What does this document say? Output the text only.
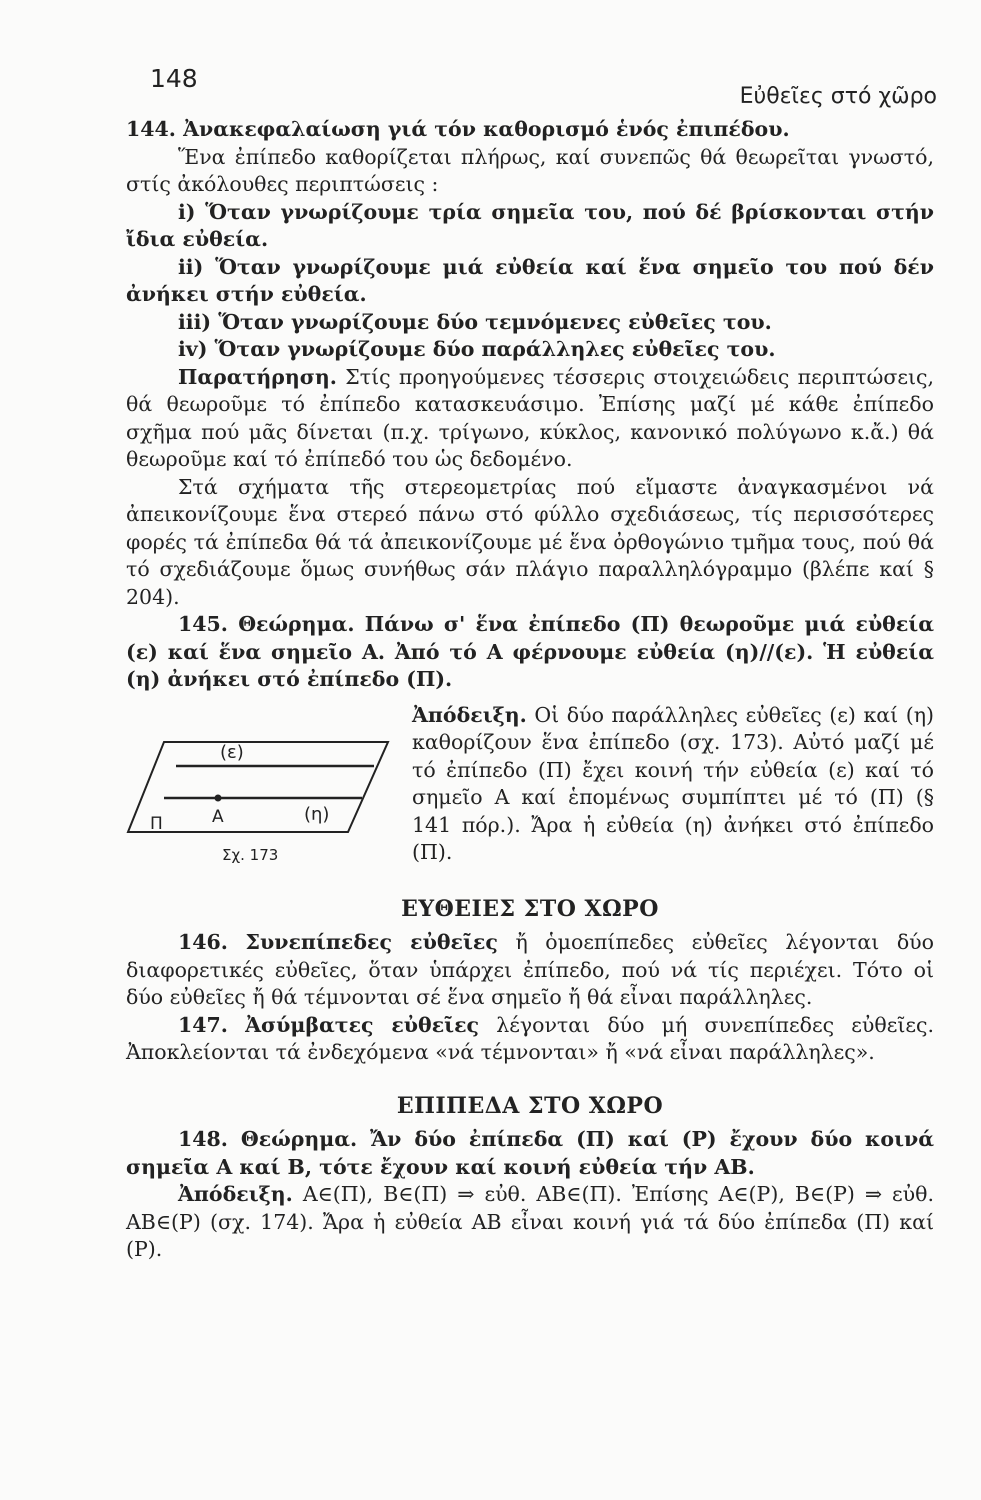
148
Εὐθεῖες στό χῶρο

144. Ἀνακεφαλαίωση γιά τόν καθορισμό ἑνός ἐπιπέδου.

Ἕνα ἐπίπεδο καθορίζεται πλήρως, καί συνεπῶς θά θεωρεῖται γνωστό, στίς ἀκόλουθες περιπτώσεις :

i) Ὅταν γνωρίζουμε τρία σημεῖα του, πού δέ βρίσκονται στήν ἴδια εὐθεία.

ii) Ὅταν γνωρίζουμε μιά εὐθεία καί ἕνα σημεῖο του πού δέν ἀνήκει στήν εὐθεία.

iii) Ὅταν γνωρίζουμε δύο τεμνόμενες εὐθεῖες του.

iv) Ὅταν γνωρίζουμε δύο παράλληλες εὐθεῖες του.

Παρατήρηση. Στίς προηγούμενες τέσσερις στοιχειώδεις περιπτώσεις, θά θεωροῦμε τό ἐπίπεδο κατασκευάσιμο. Ἐπίσης μαζί μέ κάθε ἐπίπεδο σχῆμα πού μᾶς δίνεται (π.χ. τρίγωνο, κύκλος, κανονικό πολύγωνο κ.ἄ.) θά θεωροῦμε καί τό ἐπίπεδό του ὡς δεδομένο.

Στά σχήματα τῆς στερεομετρίας πού εἴμαστε ἀναγκασμένοι νά ἀπεικονίζουμε ἕνα στερεό πάνω στό φύλλο σχεδιάσεως, τίς περισσότερες φορές τά ἐπίπεδα θά τά ἀπεικονίζουμε μέ ἕνα ὀρθογώνιο τμῆμα τους, πού θά τό σχεδιάζουμε ὅμως συνήθως σάν πλάγιο παραλληλόγραμμο (βλέπε καί § 204).

145. Θεώρημα. Πάνω σ' ἕνα ἐπίπεδο (Π) θεωροῦμε μιά εὐθεία (ε) καί ἕνα σημεῖο Α. Ἀπό τό Α φέρνουμε εὐθεία (η)//(ε). Ἡ εὐθεία (η) ἀνήκει στό ἐπίπεδο (Π).

(ε)
Α	(η)
Π
Σχ. 173

Ἀπόδειξη. Οἱ δύο παράλληλες εὐθεῖες (ε) καί (η) καθορίζουν ἕνα ἐπίπεδο (σχ. 173). Αὐτό μαζί μέ τό ἐπίπεδο (Π) ἔχει κοινή τήν εὐθεία (ε) καί τό σημεῖο Α καί ἑπομένως συμπίπτει μέ τό (Π) (§ 141 πόρ.). Ἄρα ἡ εὐθεία (η) ἀνήκει στό ἐπίπεδο (Π).

ΕΥΘΕΙΕΣ ΣΤΟ ΧΩΡΟ

146. Συνεπίπεδες εὐθεῖες ἤ ὁμοεπίπεδες εὐθεῖες λέγονται δύο διαφορετικές εὐθεῖες, ὅταν ὑπάρχει ἐπίπεδο, πού νά τίς περιέχει. Τότο οἱ δύο εὐθεῖες ἤ θά τέμνονται σέ ἕνα σημεῖο ἤ θά εἶναι παράλληλες.

147. Ἀσύμβατες εὐθεῖες λέγονται δύο μή συνεπίπεδες εὐθεῖες. Ἀποκλείονται τά ἐνδεχόμενα «νά τέμνονται» ἤ «νά εἶναι παράλληλες».

ΕΠΙΠΕΔΑ ΣΤΟ ΧΩΡΟ

148. Θεώρημα. Ἄν δύο ἐπίπεδα (Π) καί (Ρ) ἔχουν δύο κοινά σημεῖα Α καί Β, τότε ἔχουν καί κοινή εὐθεία τήν ΑΒ.

Ἀπόδειξη. Α∈(Π), Β∈(Π) ⇒ εὐθ. ΑΒ∈(Π). Ἐπίσης Α∈(Ρ), Β∈(Ρ) ⇒ εὐθ. ΑΒ∈(Ρ) (σχ. 174). Ἄρα ἡ εὐθεία ΑΒ εἶναι κοινή γιά τά δύο ἐπίπεδα (Π) καί (Ρ).
